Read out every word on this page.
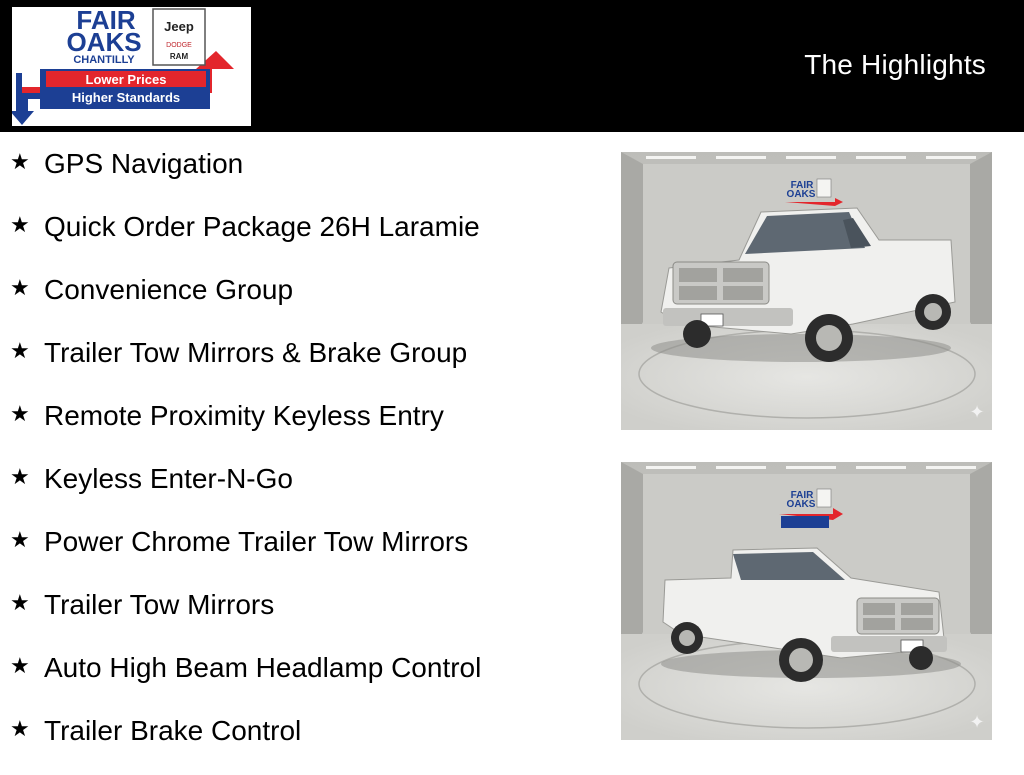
Lower Prices
Higher Standards
FAIR
OAKS
CHANTILLY
Jeep
DODGE
RAM	The Highlights
★ GPS Navigation
★ Quick Order Package 26H Laramie
★ Convenience Group
★ Trailer Tow Mirrors & Brake Group
★ Remote Proximity Keyless Entry
★ Keyless Enter-N-Go
★ Power Chrome Trailer Tow Mirrors
★ Trailer Tow Mirrors
★ Auto High Beam Headlamp Control
★ Trailer Brake Control
FAIR
OAKS
✦
FAIR
OAKS
✦
